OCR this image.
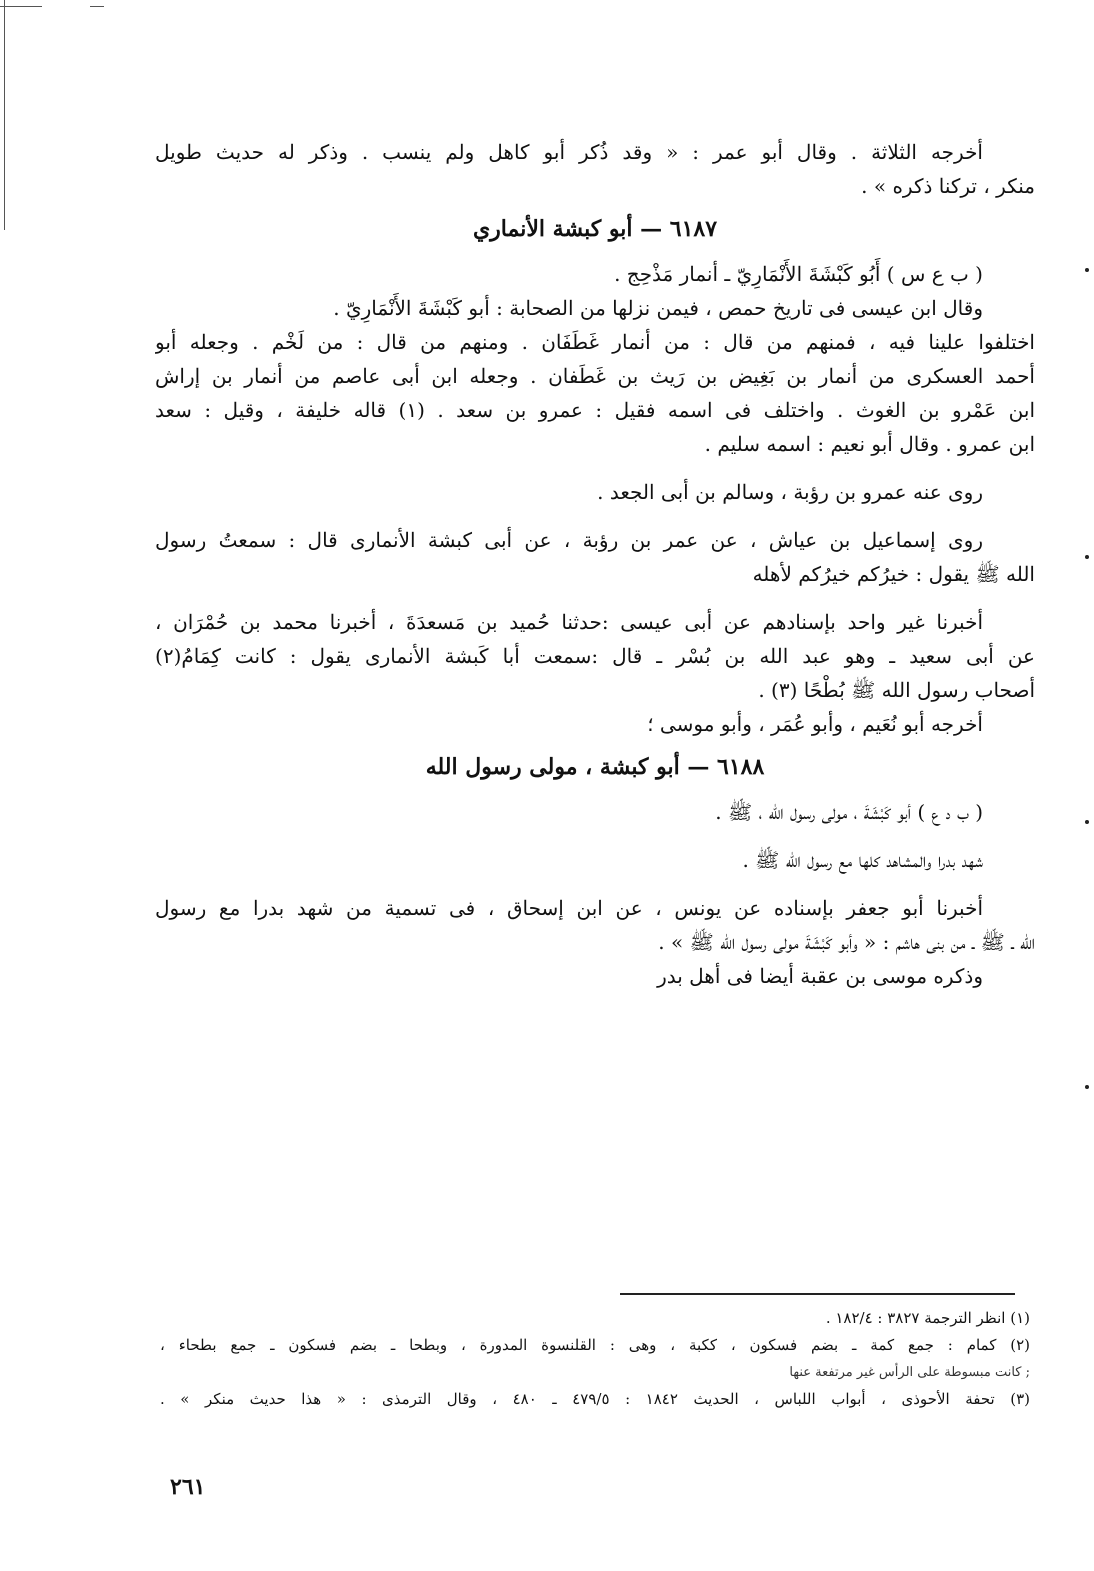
أخرجه الثلاثة . وقال أبو عمر : « وقد ذُكر أبو كاهل ولم ينسب . وذكر له حديث طويل

منكر ، تركنا ذكره » .

٦١٨٧ — أبو كبشة الأنماري

( ب ع س ) أَبُو كَبْشَةَ الأَنْمَارِيّ ـ أنمار مَذْحِج .

وقال ابن عيسى فى تاريخ حمص ، فيمن نزلها من الصحابة : أبو كَبْشَةَ الأَنْمَارِيّ .

اختلفوا علينا فيه ، فمنهم من قال : من أنمار غَطَفَان . ومنهم من قال : من لَخْم . وجعله أبو

أحمد العسكرى من أنمار بن بَغِيض بن رَيث بن غَطَفان . وجعله ابن أبى عاصم من أنمار بن إراش

ابن عَمْرو بن الغوث . واختلف فى اسمه فقيل : عمرو بن سعد . (١) قاله خليفة ، وقيل : سعد

ابن عمرو . وقال أبو نعيم : اسمه سليم .

روى عنه عمرو بن رؤبة ، وسالم بن أبى الجعد .

روى إسماعيل بن عياش ، عن عمر بن رؤبة ، عن أبى كبشة الأنمارى قال : سمعتُ رسول

الله ﷺ يقول : خيرُكم خيرُكم لأهله

أخبرنا غير واحد بإسنادهم عن أبى عيسى :حدثنا حُميد بن مَسعدَةَ ، أخبرنا محمد بن حُمْرَان ،

عن أبى سعيد ـ وهو عبد الله بن بُسْر ـ قال :سمعت أبا كَبشة الأنمارى يقول : كانت كِمَامُ(٢)

أصحاب رسول الله ﷺ بُطْحًا (٣) .

أخرجه أبو نُعَيم ، وأبو عُمَر ، وأبو موسى ؛

٦١٨٨ — أبو كبشة ، مولى رسول الله

( ب د ع ) أبو كَبْشَةَ ، مولى رسول الله ، ﷺ .

شهد بدرا والمشاهد كلها مع رسول الله ﷺ .

أخبرنا أبو جعفر بإسناده عن يونس ، عن ابن إسحاق ، فى تسمية من شهد بدرا مع رسول

الله ـ ﷺ ـ من بنى هاشم : « وأبو كَبْشَةَ مولى رسول الله ﷺ » .

وذكره موسى بن عقبة أيضا فى أهل بدر

(١) انظر الترجمة ٣٨٢٧ : ١٨٢/٤ .

(٢) كمام : جمع كمة ـ بضم فسكون ، ككبة ، وهى : القلنسوة المدورة ، وبطحا ـ بضم فسكون ـ جمع بطحاء ،

; كانت مبسوطة على الرأس غير مرتفعة عنها

(٣) تحفة الأحوذى ، أبواب اللباس ، الحديث ١٨٤٢ : ٤٧٩/٥ ـ ٤٨٠ ، وقال الترمذى : « هذا حديث منكر » .

٢٦١
